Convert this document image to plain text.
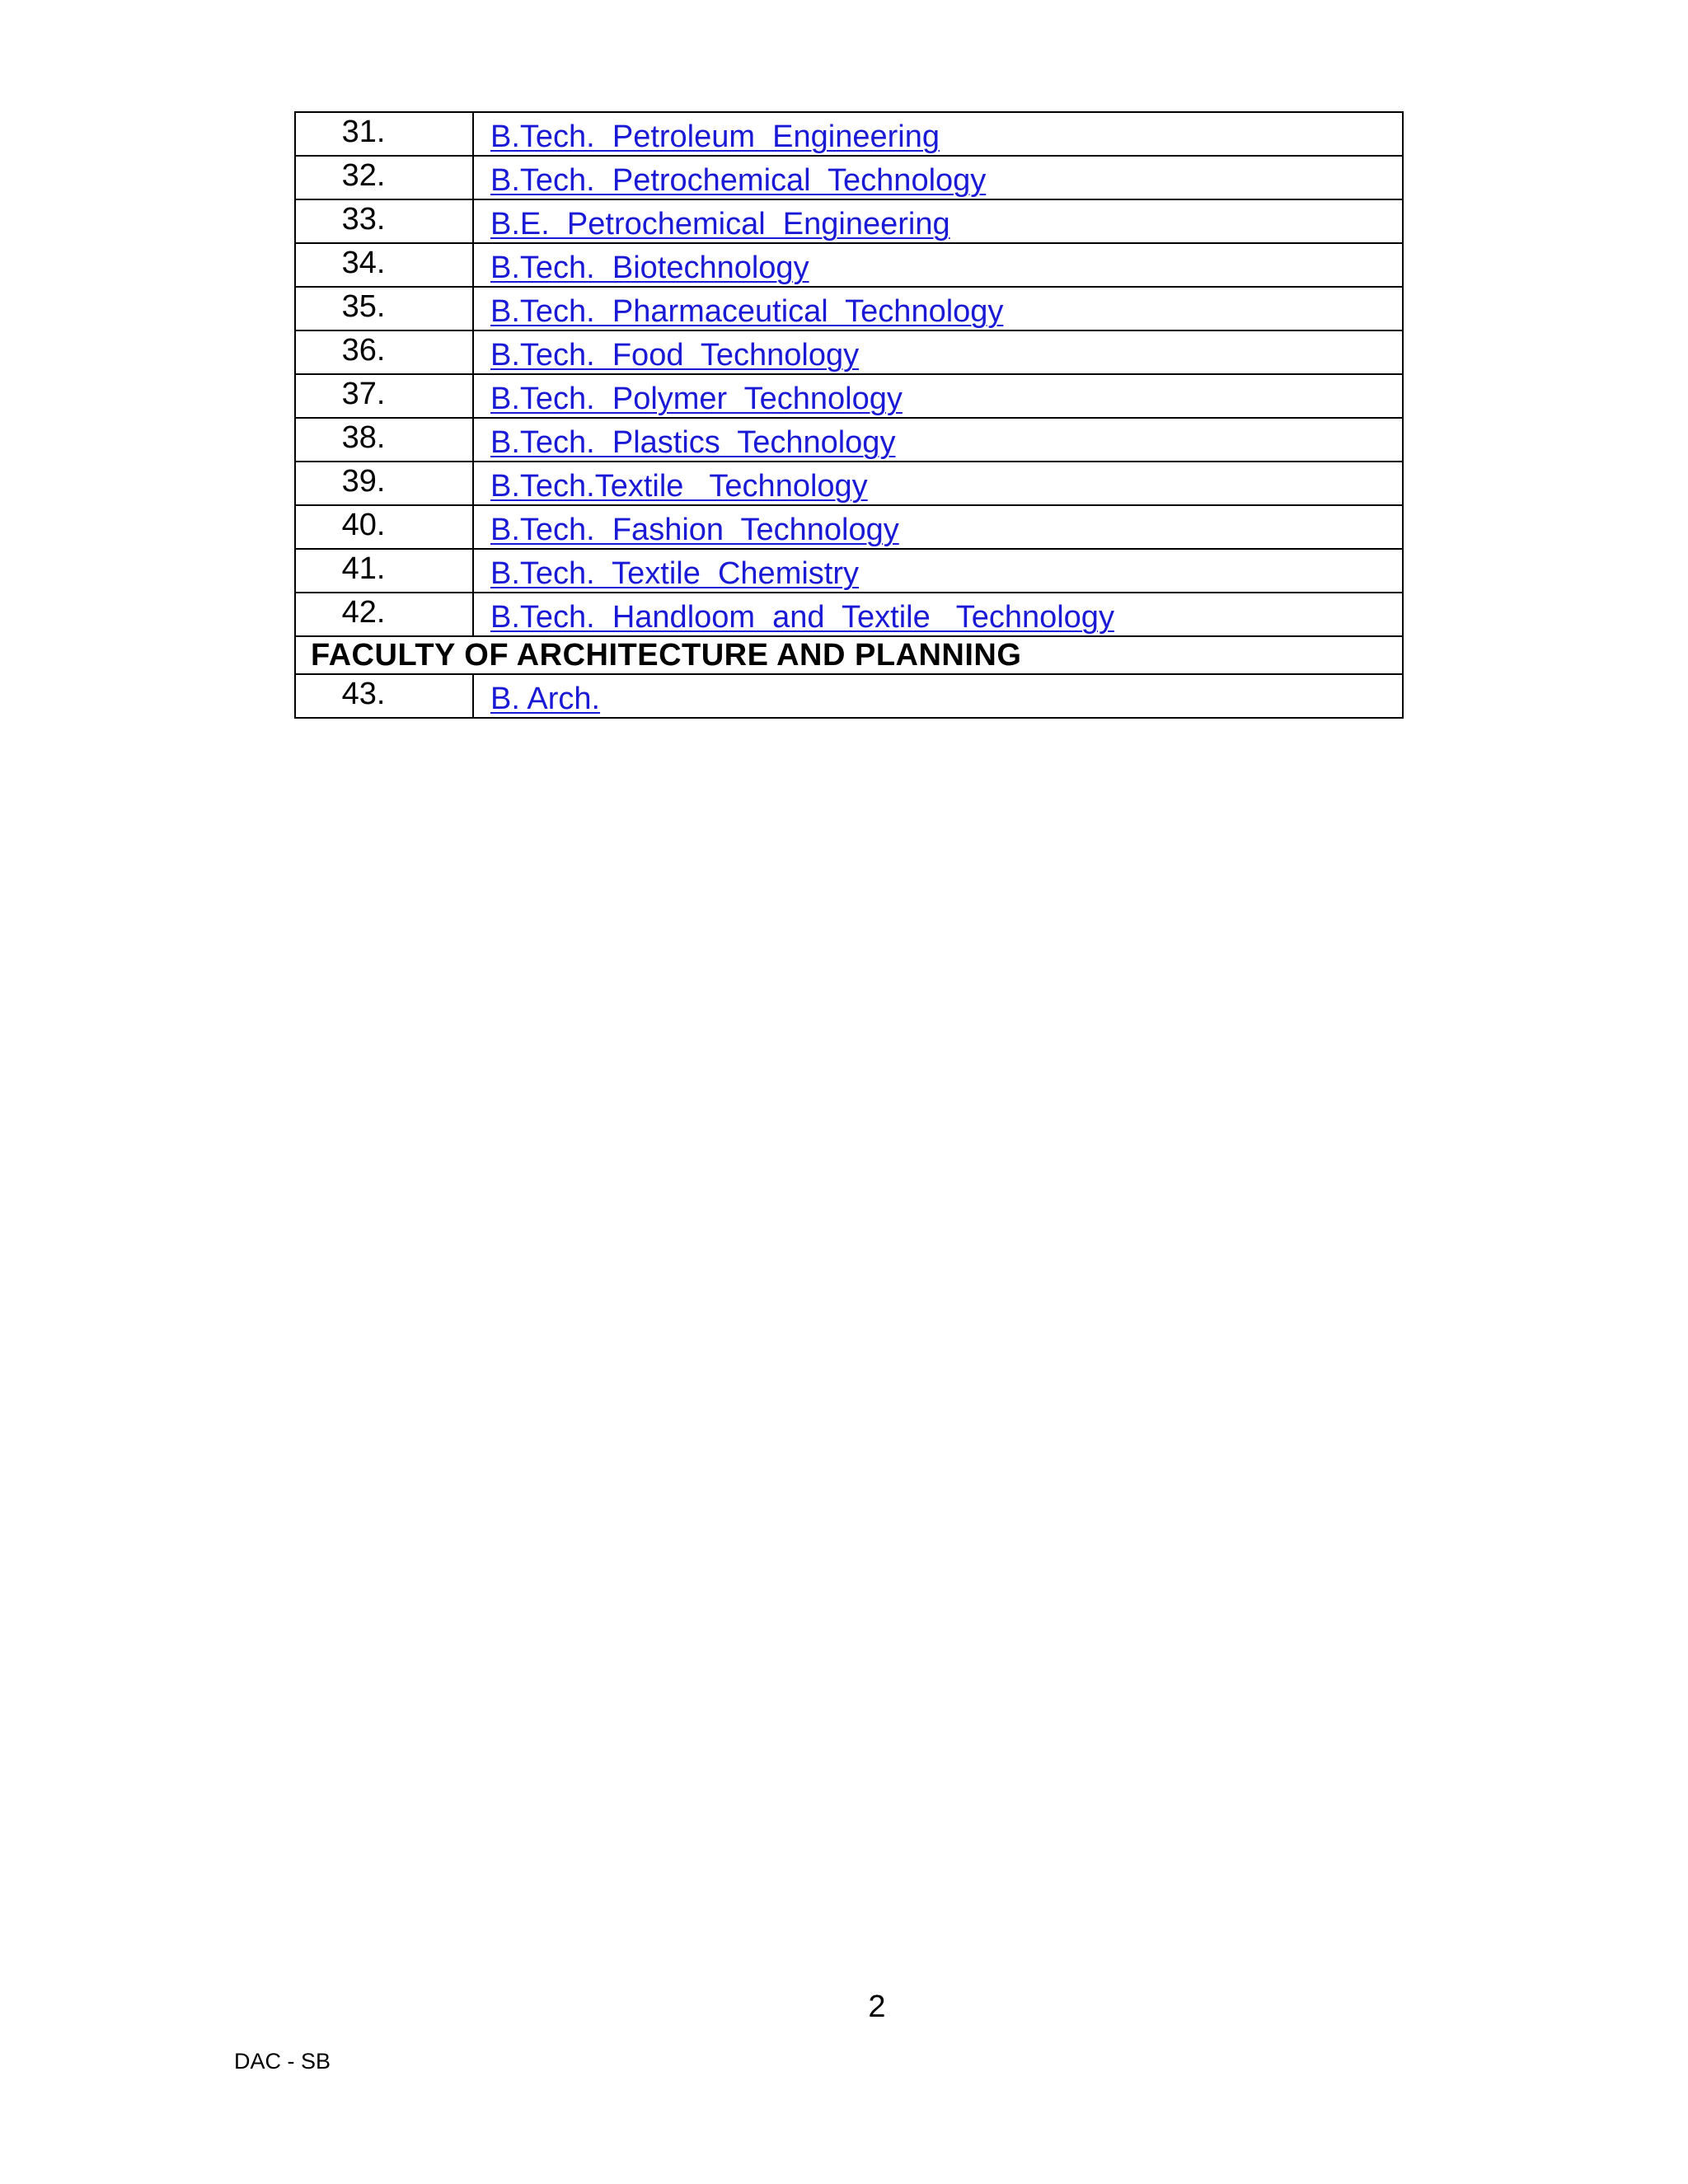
31.	B.Tech.  Petroleum  Engineering
32.	B.Tech.  Petrochemical  Technology
33.	B.E.  Petrochemical  Engineering
34.	B.Tech.  Biotechnology
35.	B.Tech.  Pharmaceutical  Technology
36.	B.Tech.  Food  Technology
37.	B.Tech.  Polymer  Technology
38.	B.Tech.  Plastics  Technology
39.	B.Tech.Textile   Technology
40.	B.Tech.  Fashion  Technology
41.	B.Tech.  Textile  Chemistry
42.	B.Tech.  Handloom  and  Textile   Technology
FACULTY OF ARCHITECTURE AND PLANNING	
43.	B. Arch.
2
DAC - SB
